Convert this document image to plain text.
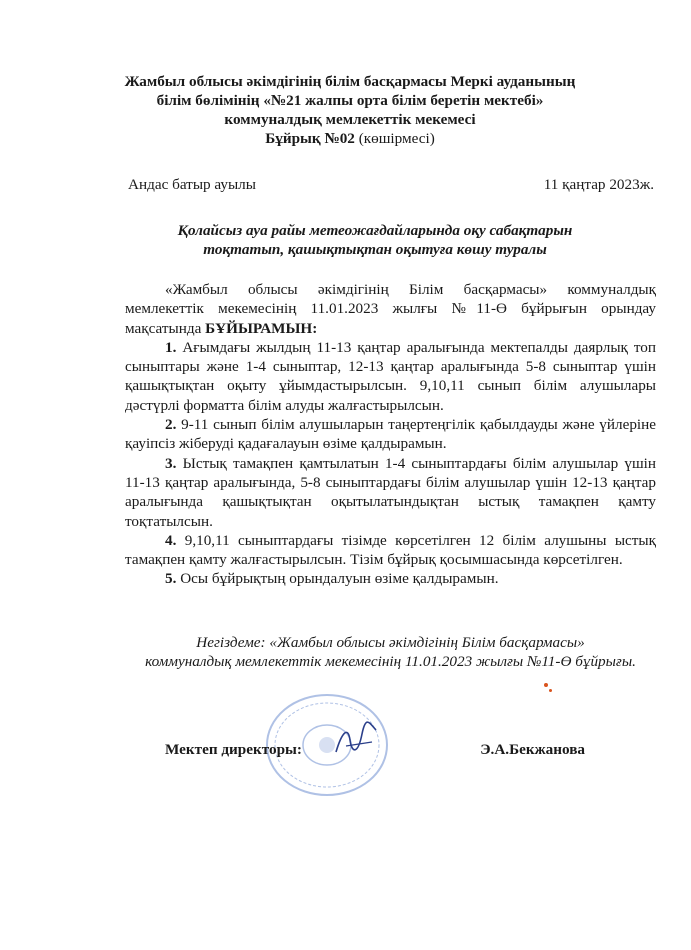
Жамбыл облысы әкімдігінің білім басқармасы Меркі ауданының
білім бөлімінің «№21 жалпы орта білім беретін мектебі»
коммуналдық мемлекеттік мекемесі
Бұйрық №02 (көшірмесі)
Андас батыр ауылы	11 қаңтар 2023ж.
Қолайсыз ауа райы метеожағдайларында оқу сабақтарын
тоқтатып, қашықтықтан оқытуға көшу туралы

«Жамбыл облысы әкімдігінің Білім басқармасы» коммуналдық мемлекеттік мекемесінің 11.01.2023 жылғы №11-Ө бұйрығын орындау мақсатында БҰЙЫРАМЫН:

1. Ағымдағы жылдың 11-13 қаңтар аралығында мектепалды даярлық топ сыныптары және 1-4 сыныптар, 12-13 қаңтар аралығында 5-8 сыныптар үшін қашықтықтан оқыту ұйымдастырылсын. 9,10,11 сынып білім алушылары дәстүрлі форматта білім алуды жалғастырылсын.

2. 9-11 сынып білім алушыларын таңертеңгілік қабылдауды және үйлеріне қауіпсіз жіберуді қадағалауын өзіме қалдырамын.

3. Ыстық тамақпен қамтылатын 1-4 сыныптардағы білім алушылар үшін 11-13 қаңтар аралығында, 5-8 сыныптардағы білім алушылар үшін 12-13 қаңтар аралығында қашықтықтан оқытылатындықтан ыстық тамақпен қамту тоқтатылсын.

4. 9,10,11 сыныптардағы тізімде көрсетілген 12 білім алушыны ыстық тамақпен қамту жалғастырылсын. Тізім бұйрық қосымшасында көрсетілген.

5. Осы бұйрықтың орындалуын өзіме қалдырамын.

Негіздеме: «Жамбыл облысы әкімдігінің Білім басқармасы»
коммуналдық мемлекеттік мекемесінің 11.01.2023 жылғы №11-Ө бұйрығы.
Мектеп директоры:	Э.А.Бекжанова
